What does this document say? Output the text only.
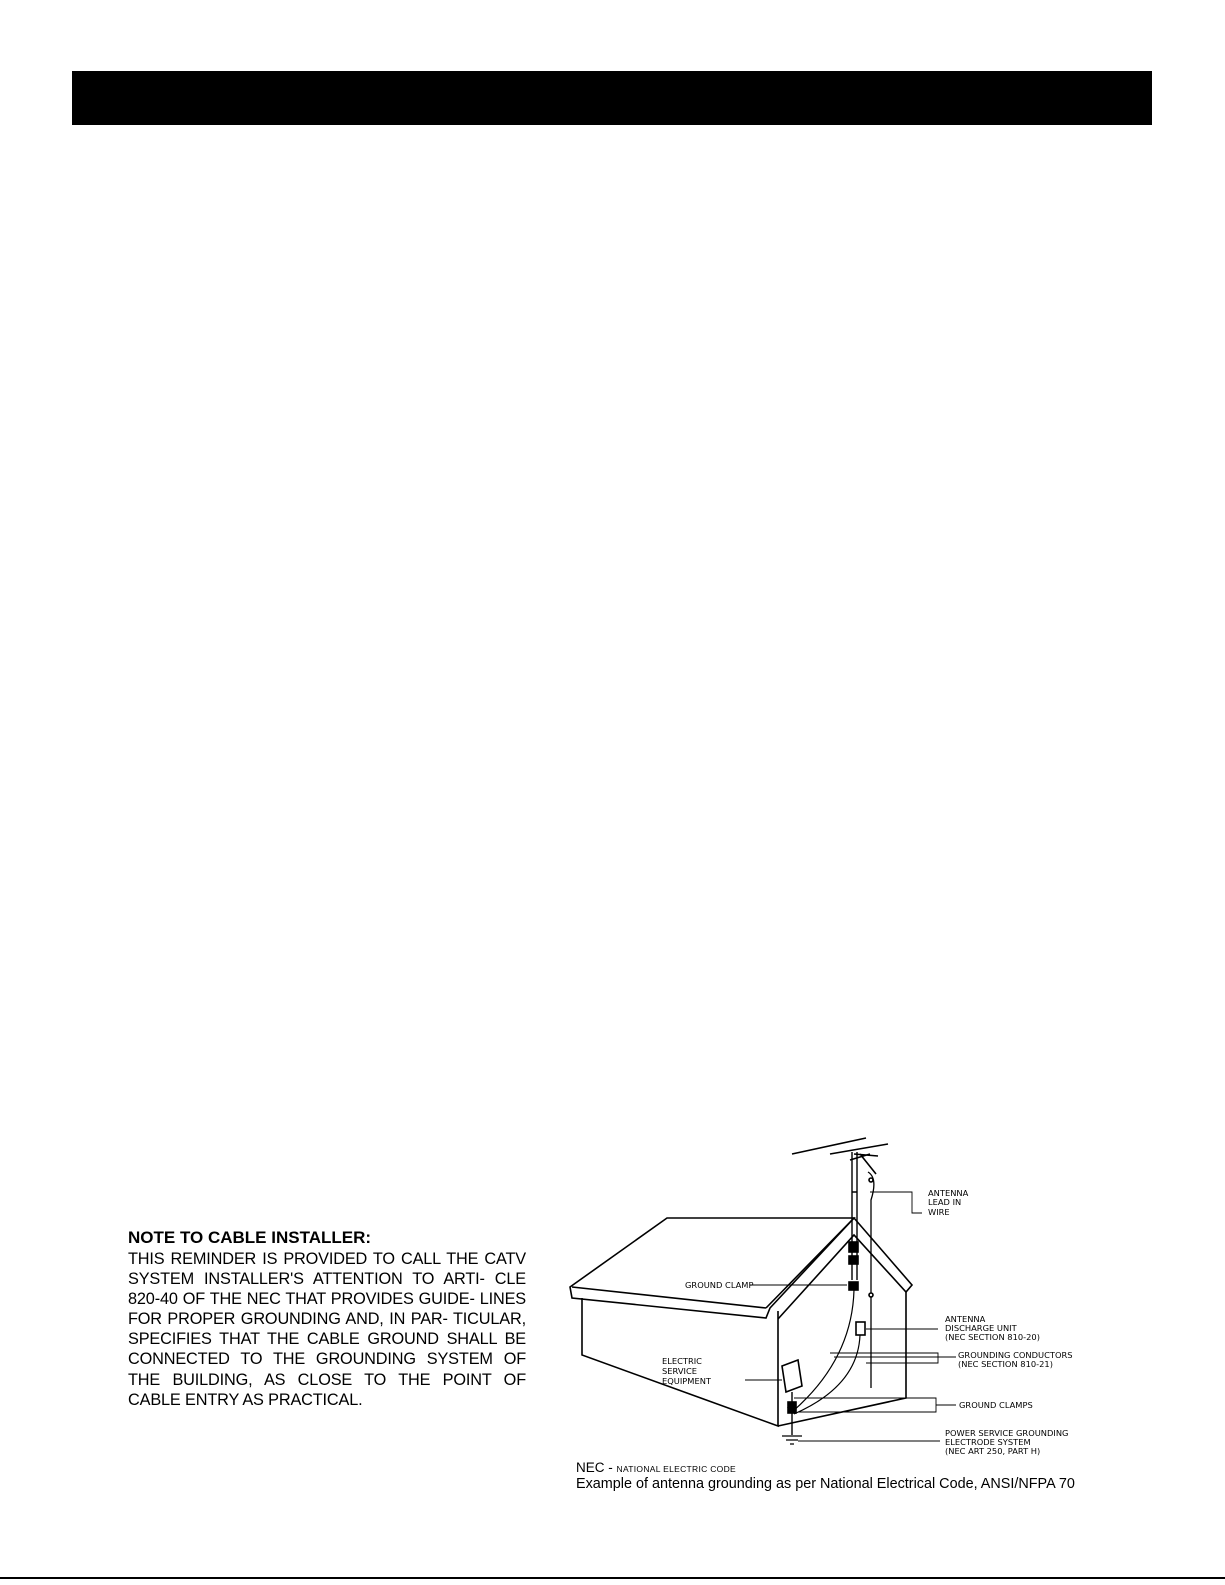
NOTE TO CABLE INSTALLER:

THIS REMINDER IS PROVIDED TO CALL THE CATV SYSTEM INSTALLER'S ATTENTION TO ARTI- CLE 820-40 OF THE NEC THAT PROVIDES GUIDE- LINES FOR PROPER GROUNDING AND, IN PAR- TICULAR, SPECIFIES THAT THE CABLE GROUND SHALL BE CONNECTED TO THE GROUNDING SYSTEM OF THE BUILDING, AS CLOSE TO THE POINT OF CABLE ENTRY AS PRACTICAL.

ANTENNA
LEAD IN
WIRE
GROUND CLAMP
ANTENNA
DISCHARGE UNIT
(NEC SECTION 810-20)
GROUNDING CONDUCTORS
(NEC SECTION 810-21)
ELECTRIC
SERVICE
EQUIPMENT
GROUND CLAMPS
POWER SERVICE GROUNDING
ELECTRODE SYSTEM
(NEC ART 250, PART H)
NEC - NATIONAL ELECTRIC CODE
Example of antenna grounding as per National Electrical Code, ANSI/NFPA 70
